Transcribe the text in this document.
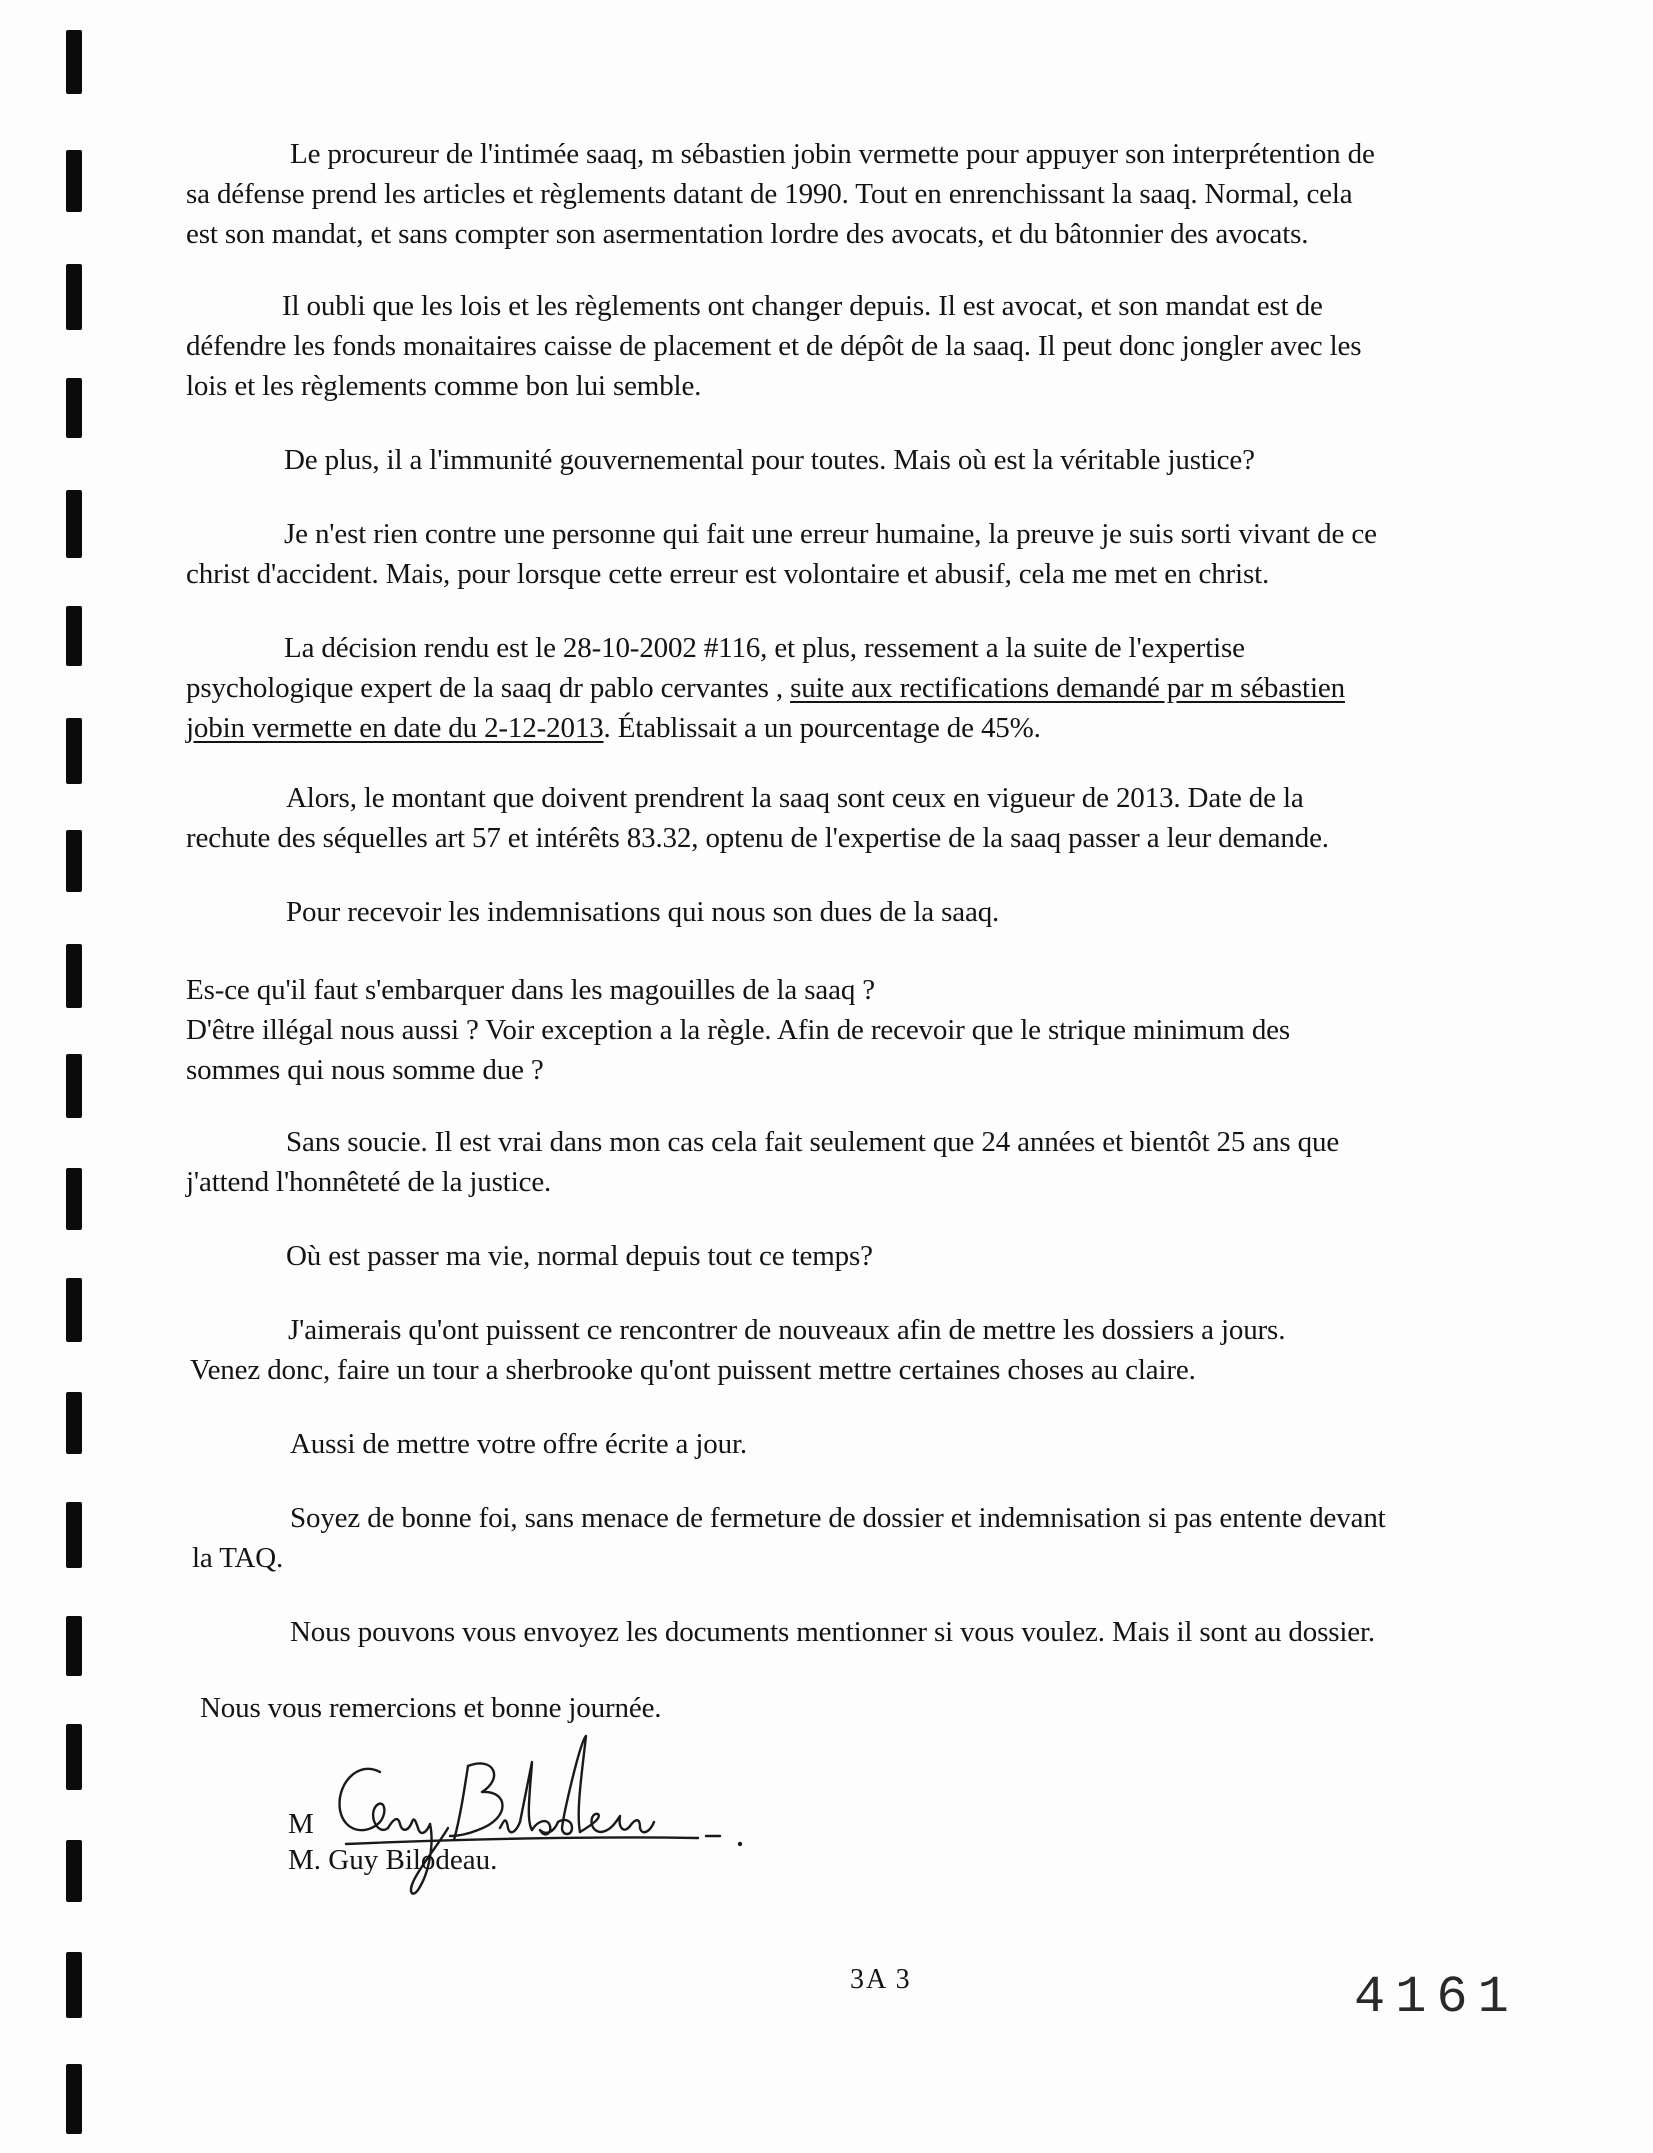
Le procureur de l'intimée saaq, m sébastien jobin vermette pour appuyer son interprétention de
sa défense prend les articles et règlements datant de 1990. Tout en enrenchissant la saaq. Normal, cela
est son mandat, et sans compter son asermentation lordre des avocats, et du bâtonnier des avocats.

Il oubli que les lois et les règlements ont changer depuis. Il est avocat, et son mandat est de
défendre les fonds monaitaires caisse de placement et de dépôt de la saaq. Il peut donc jongler avec les
lois et les règlements comme bon lui semble.

De plus, il a l'immunité gouvernemental pour toutes. Mais où est la véritable justice?

Je n'est rien contre une personne qui fait une erreur humaine, la preuve je suis sorti vivant de ce
christ d'accident. Mais, pour lorsque cette erreur est volontaire et abusif, cela me met en christ.

La décision rendu est le 28-10-2002 #116, et plus, ressement a la suite de l'expertise
psychologique expert de la saaq dr pablo cervantes , suite aux rectifications demandé par m sébastien
jobin vermette en date du 2-12-2013. Établissait a un pourcentage de 45%.

Alors, le montant que doivent prendrent la saaq sont ceux en vigueur de 2013. Date de la
rechute des séquelles art 57 et intérêts 83.32, optenu de l'expertise de la saaq passer a leur demande.

Pour recevoir les indemnisations qui nous son dues de la saaq.

Es-ce qu'il faut s'embarquer dans les magouilles de la saaq ?
D'être illégal nous aussi ? Voir exception a la règle. Afin de recevoir que le strique minimum des
sommes qui nous somme due ?

Sans soucie. Il est vrai dans mon cas cela fait seulement que 24 années et bientôt 25 ans que
j'attend l'honnêteté de la justice.

Où est passer ma vie, normal depuis tout ce temps?

J'aimerais qu'ont puissent ce rencontrer de nouveaux afin de mettre les dossiers a jours.
Venez donc, faire un tour a sherbrooke qu'ont puissent mettre certaines choses au claire.

Aussi de mettre votre offre écrite a jour.

Soyez de bonne foi, sans menace de fermeture de dossier et indemnisation si pas entente devant
la TAQ.

Nous pouvons vous envoyez les documents mentionner si vous voulez. Mais il sont au dossier.

Nous vous remercions et bonne journée.

M
M. Guy Bilodeau.
3A 3	4161
